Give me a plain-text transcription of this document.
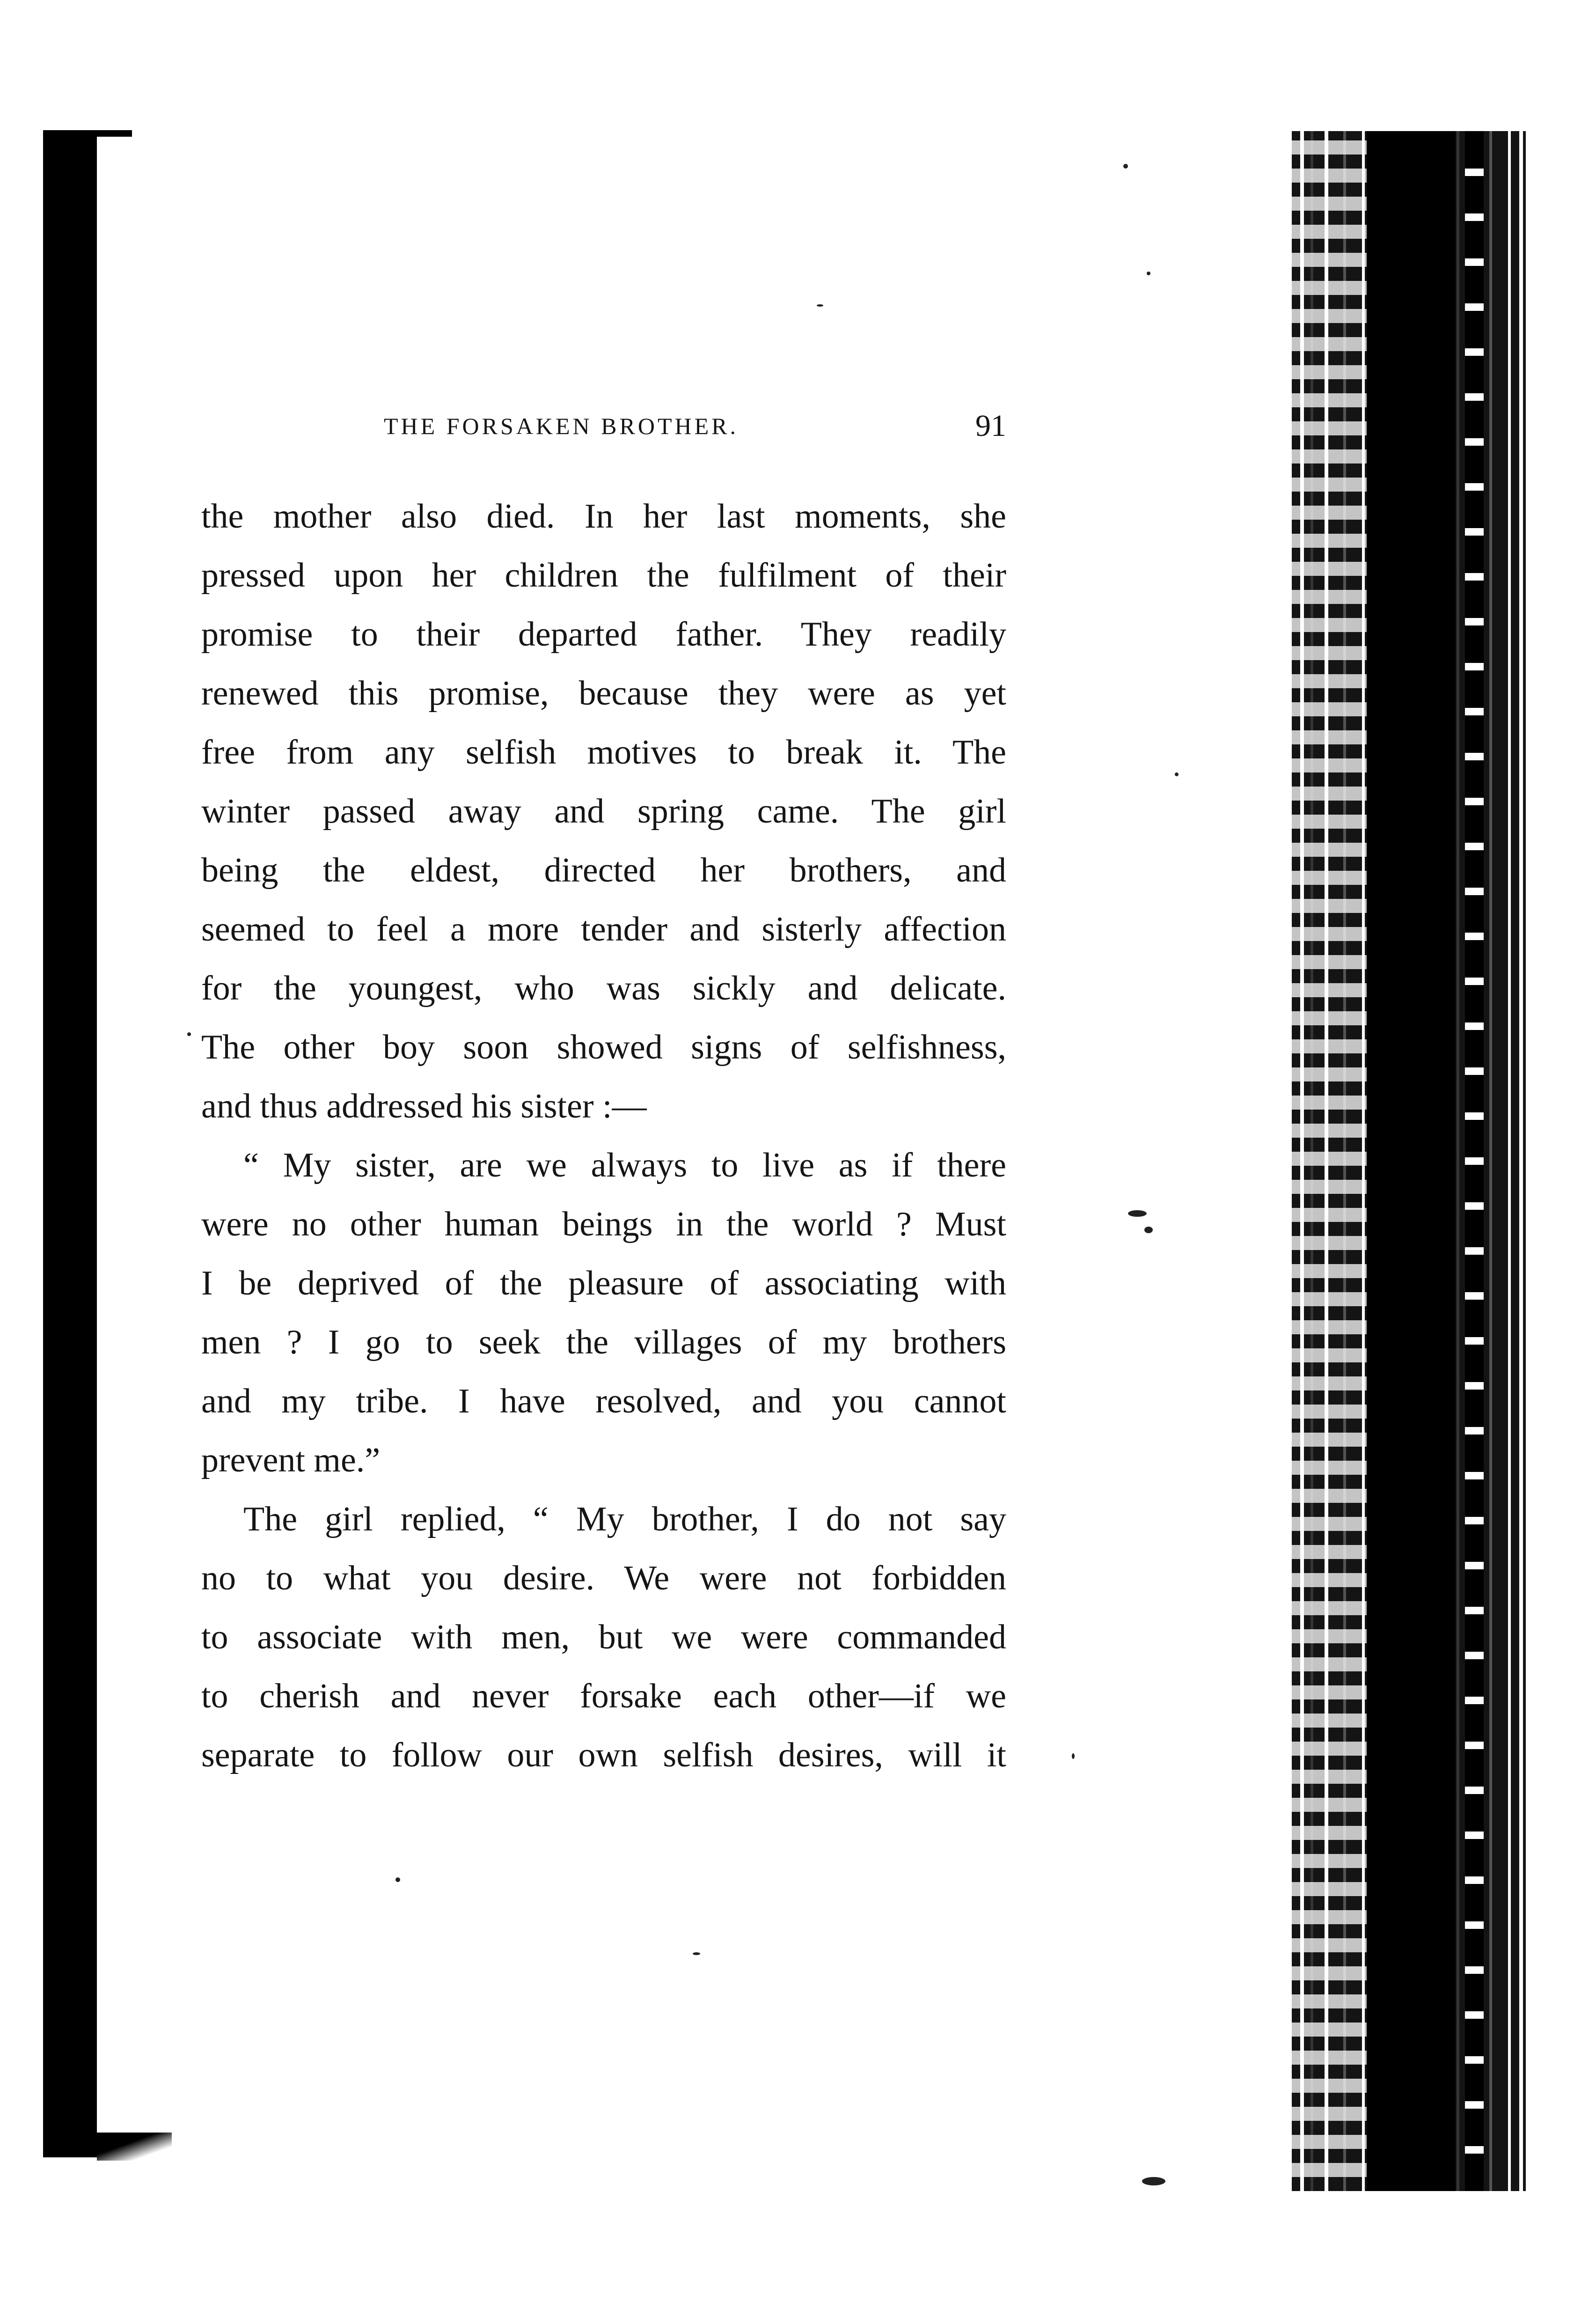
THE FORSAKEN BROTHER.	91
the mother also died. In her last moments, she
pressed upon her children the fulfilment of their
promise to their departed father. They readily
renewed this promise, because they were as yet
free from any selfish motives to break it. The
winter passed away and spring came. The girl
being the eldest, directed her brothers, and
seemed to feel a more tender and sisterly affection
for the youngest, who was sickly and delicate.
The other boy soon showed signs of selfishness,
and thus addressed his sister :—
“ My sister, are we always to live as if there
were no other human beings in the world ? Must
I be deprived of the pleasure of associating with
men ? I go to seek the villages of my brothers
and my tribe. I have resolved, and you cannot
prevent me.”
The girl replied, “ My brother, I do not say
no to what you desire. We were not forbidden
to associate with men, but we were commanded
to cherish and never forsake each other—if we
separate to follow our own selfish desires, will it
